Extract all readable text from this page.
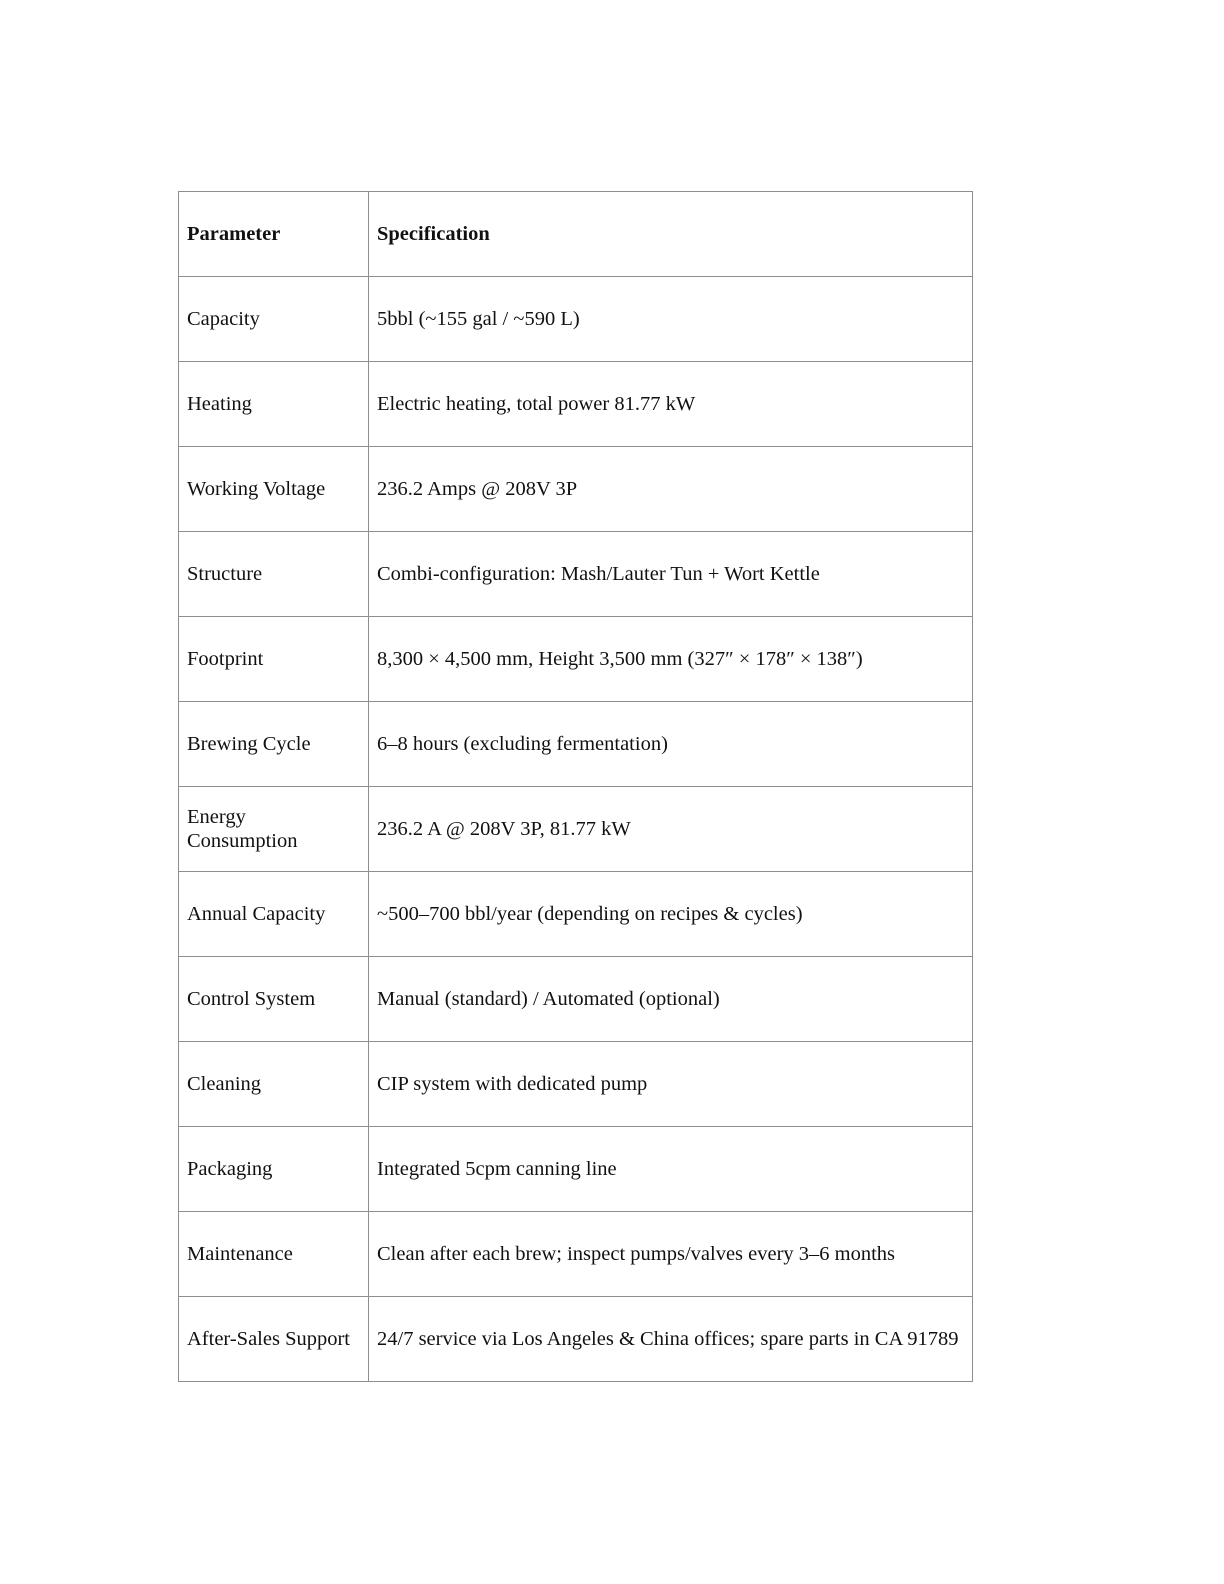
Parameter	Specification
Capacity	5bbl (~155 gal / ~590 L)
Heating	Electric heating, total power 81.77 kW
Working Voltage	236.2 Amps @ 208V 3P
Structure	Combi-configuration: Mash/Lauter Tun + Wort Kettle
Footprint	8,300 × 4,500 mm, Height 3,500 mm (327″ × 178″ × 138″)
Brewing Cycle	6–8 hours (excluding fermentation)
Energy Consumption	236.2 A @ 208V 3P, 81.77 kW
Annual Capacity	~500–700 bbl/year (depending on recipes & cycles)
Control System	Manual (standard) / Automated (optional)
Cleaning	CIP system with dedicated pump
Packaging	Integrated 5cpm canning line
Maintenance	Clean after each brew; inspect pumps/valves every 3–6 months
After-Sales Support	24/7 service via Los Angeles & China offices; spare parts in CA 91789
